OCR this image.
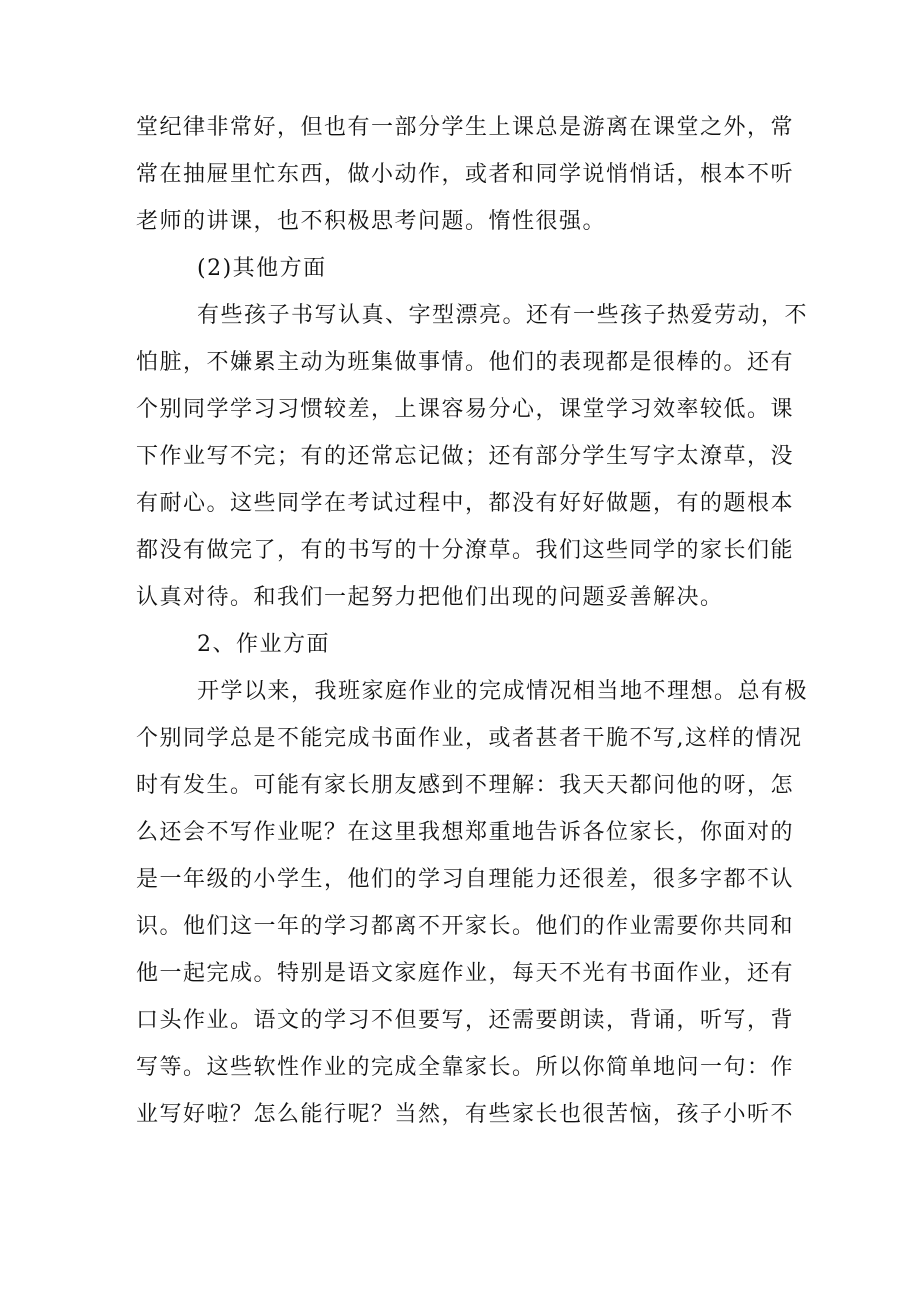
堂纪律非常好，但也有一部分学生上课总是游离在课堂之外，常
常在抽屉里忙东西，做小动作，或者和同学说悄悄话，根本不听
老师的讲课，也不积极思考问题。惰性很强。
(2)其他方面
有些孩子书写认真、字型漂亮。还有一些孩子热爱劳动，不
怕脏，不嫌累主动为班集做事情。他们的表现都是很棒的。还有
个别同学学习习惯较差，上课容易分心，课堂学习效率较低。课
下作业写不完；有的还常忘记做；还有部分学生写字太潦草，没
有耐心。这些同学在考试过程中，都没有好好做题，有的题根本
都没有做完了，有的书写的十分潦草。我们这些同学的家长们能
认真对待。和我们一起努力把他们出现的问题妥善解决。
2、作业方面
开学以来，我班家庭作业的完成情况相当地不理想。总有极
个别同学总是不能完成书面作业，或者甚者干脆不写,这样的情况
时有发生。可能有家长朋友感到不理解：我天天都问他的呀，怎
么还会不写作业呢？在这里我想郑重地告诉各位家长，你面对的
是一年级的小学生，他们的学习自理能力还很差，很多字都不认
识。他们这一年的学习都离不开家长。他们的作业需要你共同和
他一起完成。特别是语文家庭作业，每天不光有书面作业，还有
口头作业。语文的学习不但要写，还需要朗读，背诵，听写，背
写等。这些软性作业的完成全靠家长。所以你简单地问一句：作
业写好啦？怎么能行呢？当然，有些家长也很苦恼，孩子小听不
